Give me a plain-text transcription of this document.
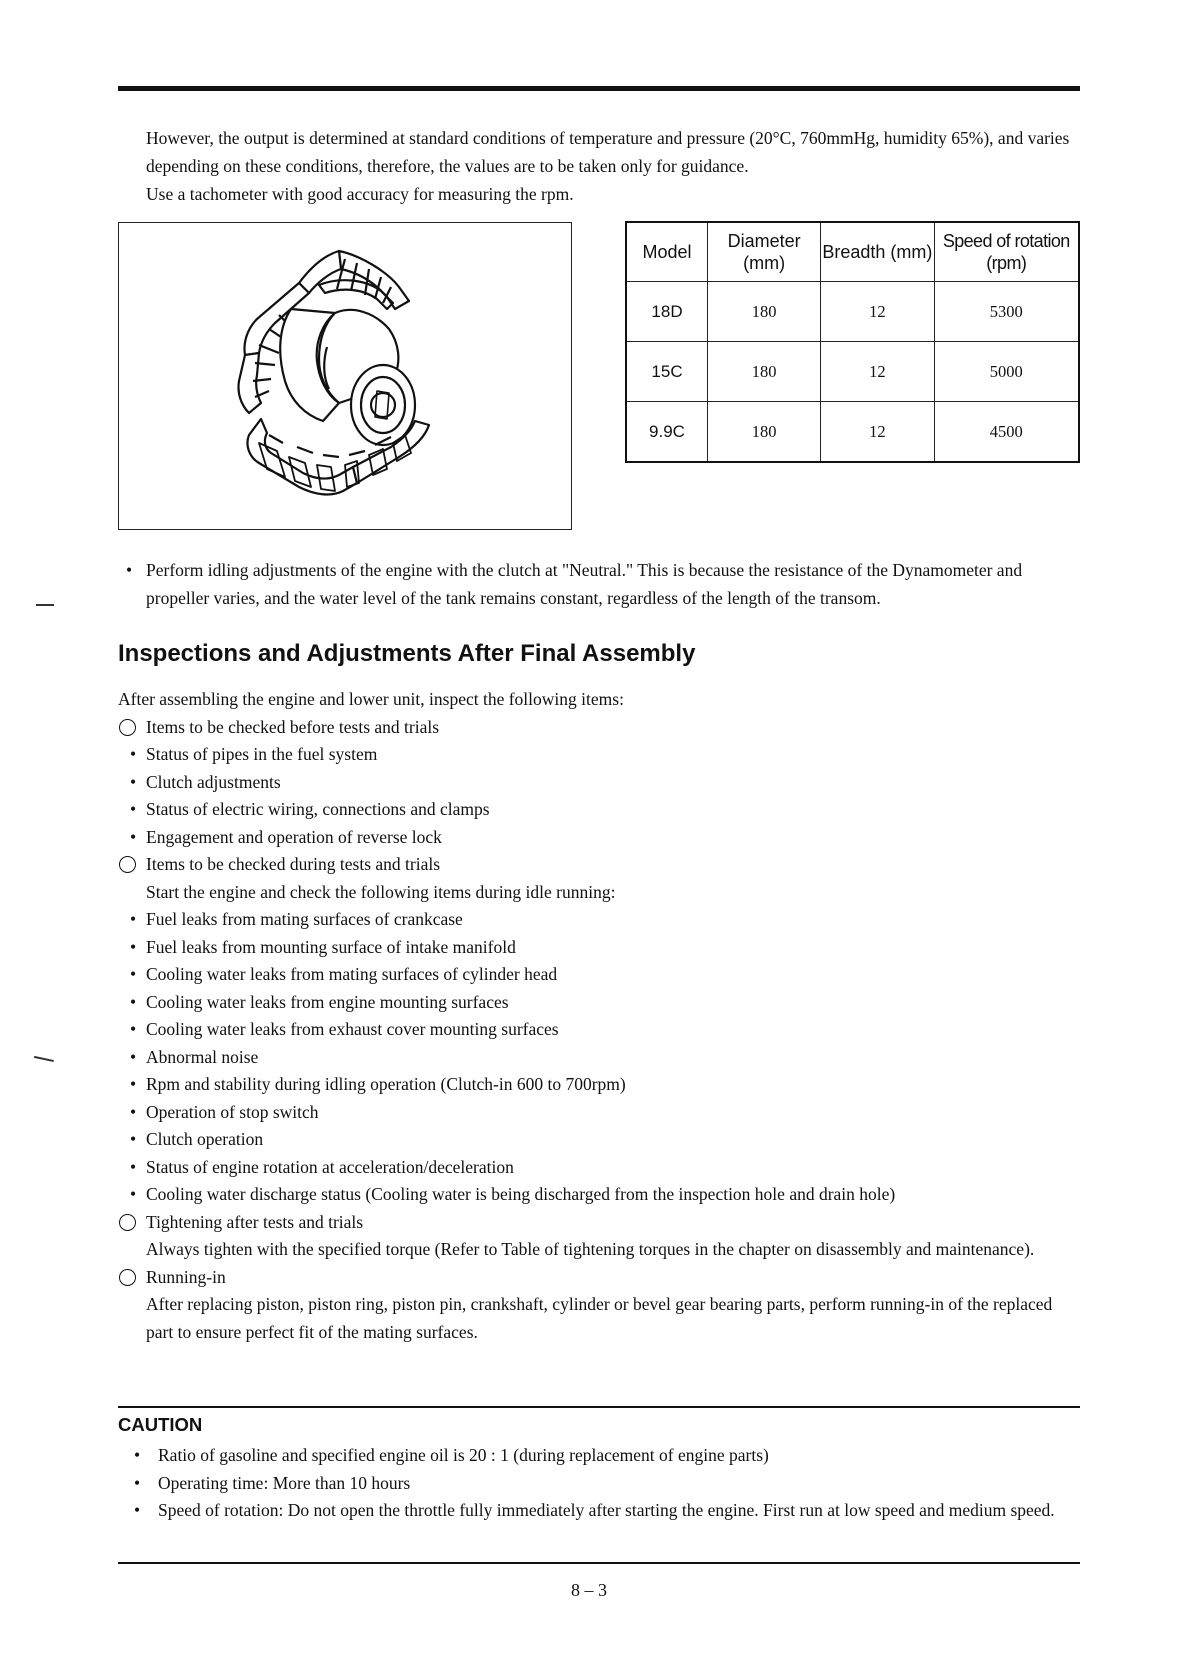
However, the output is determined at standard conditions of temperature and pressure (20°C, 760mmHg, humidity 65%), and varies depending on these conditions, therefore, the values are to be taken only for guidance.

Use a tachometer with good accuracy for measuring the rpm.

Model	Diameter (mm)	Breadth (mm)	Speed of rotation (rpm)
18D	180	12	5300
15C	180	12	5000
9.9C	180	12	4500
• Perform idling adjustments of the engine with the clutch at "Neutral." This is because the resistance of the Dynamometer and propeller varies, and the water level of the tank remains constant, regardless of the length of the transom.
Inspections and Adjustments After Final Assembly
After assembling the engine and lower unit, inspect the following items:
Items to be checked before tests and trials
• Status of pipes in the fuel system
• Clutch adjustments
• Status of electric wiring, connections and clamps
• Engagement and operation of reverse lock
Items to be checked during tests and trials
Start the engine and check the following items during idle running:
• Fuel leaks from mating surfaces of crankcase
• Fuel leaks from mounting surface of intake manifold
• Cooling water leaks from mating surfaces of cylinder head
• Cooling water leaks from engine mounting surfaces
• Cooling water leaks from exhaust cover mounting surfaces
• Abnormal noise
• Rpm and stability during idling operation (Clutch-in 600 to 700rpm)
• Operation of stop switch
• Clutch operation
• Status of engine rotation at acceleration/deceleration
• Cooling water discharge status (Cooling water is being discharged from the inspection hole and drain hole)
Tightening after tests and trials
Always tighten with the specified torque (Refer to Table of tightening torques in the chapter on disassembly and maintenance).
Running-in
After replacing piston, piston ring, piston pin, crankshaft, cylinder or bevel gear bearing parts, perform running-in of the replaced part to ensure perfect fit of the mating surfaces.
CAUTION
• Ratio of gasoline and specified engine oil is 20 : 1 (during replacement of engine parts)
• Operating time: More than 10 hours
• Speed of rotation: Do not open the throttle fully immediately after starting the engine. First run at low speed and medium speed.
8 – 3
